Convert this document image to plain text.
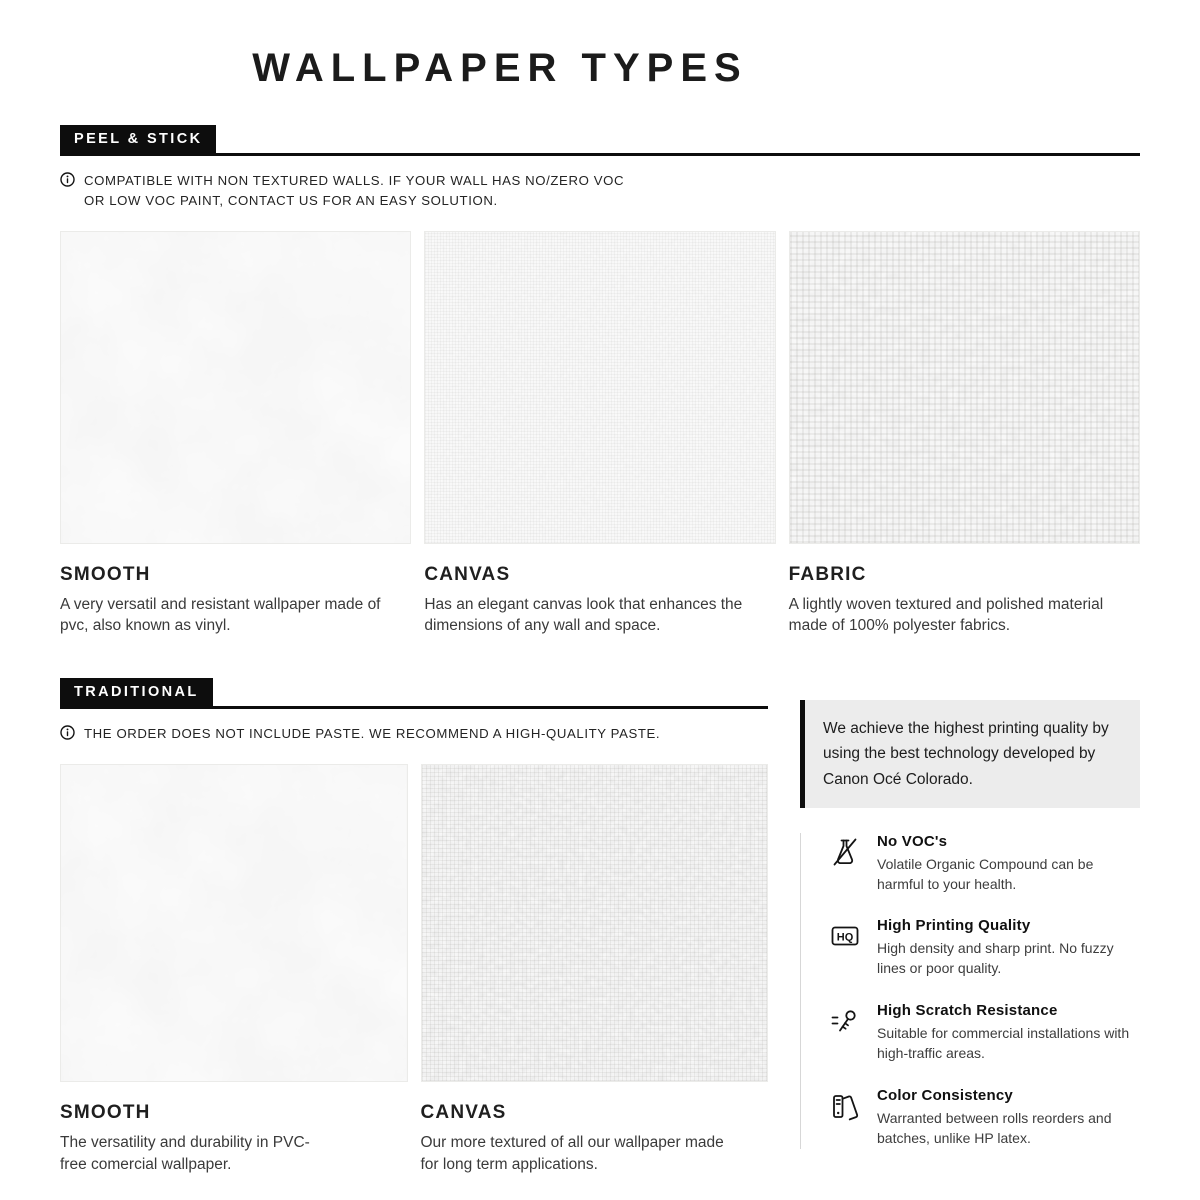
WALLPAPER TYPES
PEEL & STICK

COMPATIBLE WITH NON TEXTURED WALLS. IF YOUR WALL HAS NO/ZERO VOC OR LOW VOC PAINT, CONTACT US FOR AN EASY SOLUTION.

SMOOTH

A very versatil and resistant wallpaper made of pvc, also known as vinyl.

CANVAS

Has an elegant canvas look that enhances the dimensions of any wall and space.

FABRIC

A lightly woven textured and polished material made of 100% polyester fabrics.

TRADITIONAL

THE ORDER DOES NOT INCLUDE PASTE. WE RECOMMEND A HIGH-QUALITY PASTE.

SMOOTH

The versatility and durability in PVC-free comercial wallpaper.

CANVAS

Our more textured of all our wallpaper made for long term applications.

We achieve the highest printing quality by using the best technology developed by Canon Océ Colorado.
No VOC's

Volatile Organic Compound can be harmful to your health.

HQ
High Printing Quality

High density and sharp print. No fuzzy lines or poor quality.

High Scratch Resistance

Suitable for commercial installations with high-traffic areas.

Color Consistency

Warranted between rolls reorders and batches, unlike HP latex.
